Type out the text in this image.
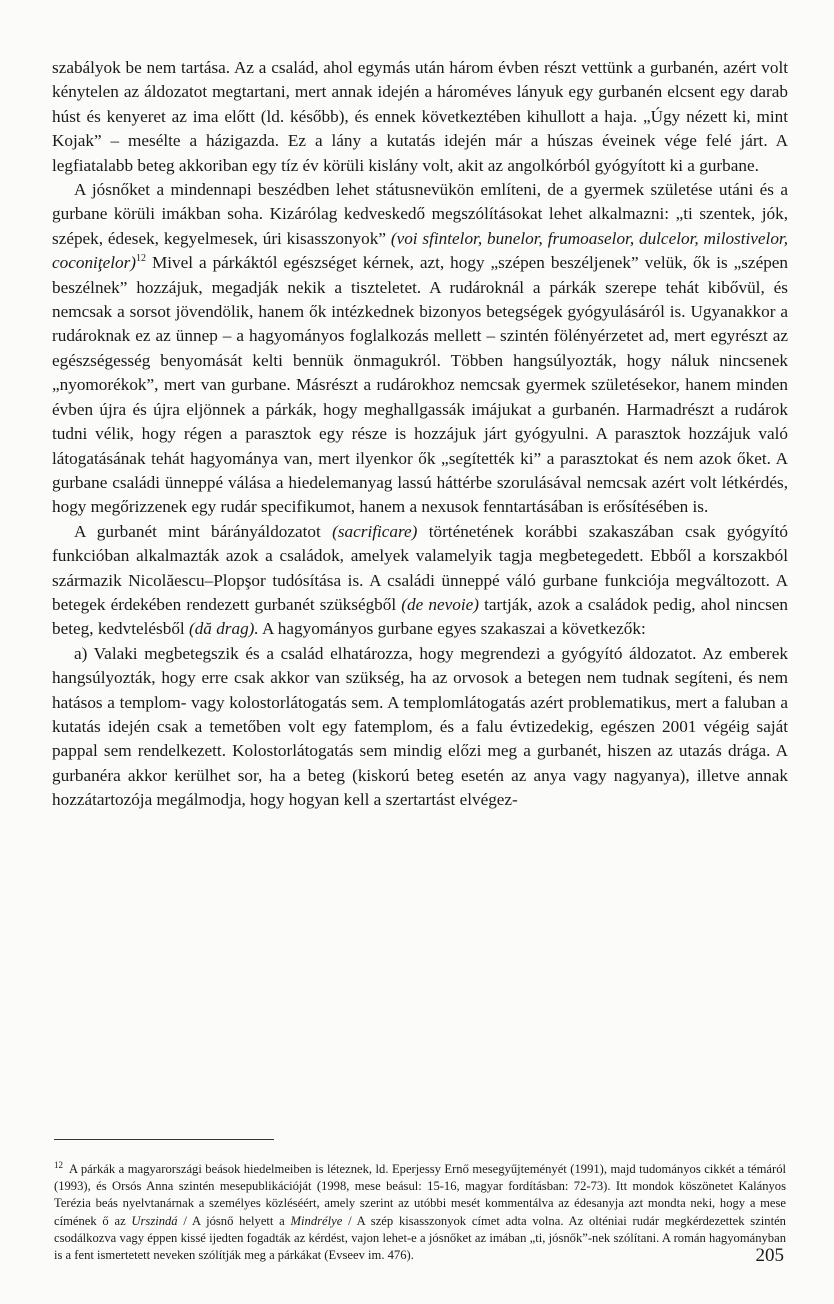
szabályok be nem tartása. Az a család, ahol egymás után három évben részt vettünk a gurbanén, azért volt kénytelen az áldozatot megtartani, mert annak idején a hároméves lányuk egy gurbanén elcsent egy darab húst és kenyeret az ima előtt (ld. később), és ennek következtében kihullott a haja. „Úgy nézett ki, mint Kojak” – mesélte a házigazda. Ez a lány a kutatás idején már a húszas éveinek vége felé járt. A legfiatalabb beteg akkoriban egy tíz év körüli kislány volt, akit az angolkórból gyógyított ki a gurbane.

A jósnőket a mindennapi beszédben lehet státusnevükön említeni, de a gyermek születése utáni és a gurbane körüli imákban soha. Kizárólag kedveskedő megszólításokat lehet alkalmazni: „ti szentek, jók, szépek, édesek, kegyelmesek, úri kisasszonyok” (voi sfintelor, bunelor, frumoaselor, dulcelor, milostivelor, coconiţelor)$^{12}$ Mivel a párkáktól egészséget kérnek, azt, hogy „szépen beszéljenek” velük, ők is „szépen beszélnek” hozzájuk, megadják nekik a tiszteletet. A rudároknál a párkák szerepe tehát kibővül, és nemcsak a sorsot jövendölik, hanem ők intézkednek bizonyos betegségek gyógyulásáról is. Ugyanakkor a rudároknak ez az ünnep – a hagyományos foglalkozás mellett – szintén fölényérzetet ad, mert egyrészt az egészségesség benyomását kelti bennük önmagukról. Többen hangsúlyozták, hogy náluk nincsenek „nyomorékok”, mert van gurbane. Másrészt a rudárokhoz nemcsak gyermek születésekor, hanem minden évben újra és újra eljönnek a párkák, hogy meghallgassák imájukat a gurbanén. Harmadrészt a rudárok tudni vélik, hogy régen a parasztok egy része is hozzájuk járt gyógyulni. A parasztok hozzájuk való látogatásának tehát hagyománya van, mert ilyenkor ők „segítették ki” a parasztokat és nem azok őket. A gurbane családi ünneppé válása a hiedelemanyag lassú háttérbe szorulásával nemcsak azért volt létkérdés, hogy megőrizzenek egy rudár specifikumot, hanem a nexusok fenntartásában is erősítésében is.

A gurbanét mint bárányáldozatot (sacrificare) történetének korábbi szakaszában csak gyógyító funkcióban alkalmazták azok a családok, amelyek valamelyik tagja megbetegedett. Ebből a korszakból származik Nicolăescu–Plopşor tudósítása is. A családi ünneppé váló gurbane funkciója megváltozott. A betegek érdekében rendezett gurbanét szükségből (de nevoie) tartják, azok a családok pedig, ahol nincsen beteg, kedvtelésből (dă drag). A hagyományos gurbane egyes szakaszai a következők:

a) Valaki megbetegszik és a család elhatározza, hogy megrendezi a gyógyító áldozatot. Az emberek hangsúlyozták, hogy erre csak akkor van szükség, ha az orvosok a betegen nem tudnak segíteni, és nem hatásos a templom- vagy kolostorlátogatás sem. A templomlátogatás azért problematikus, mert a faluban a kutatás idején csak a temetőben volt egy fatemplom, és a falu évtizedekig, egészen 2001 végéig saját pappal sem rendelkezett. Kolostorlátogatás sem mindig előzi meg a gurbanét, hiszen az utazás drága. A gurbanéra akkor kerülhet sor, ha a beteg (kiskorú beteg esetén az anya vagy nagyanya), illetve annak hozzátartozója megálmodja, hogy hogyan kell a szertartást elvégez-

$^{12}$ A párkák a magyarországi beások hiedelmeiben is léteznek, ld. Eperjessy Ernő mesegyűjteményét (1991), majd tudományos cikkét a témáról (1993), és Orsós Anna szintén mesepublikációját (1998, mese beásul: 15-16, magyar fordításban: 72-73). Itt mondok köszönetet Kalányos Terézia beás nyelvtanárnak a személyes közléséért, amely szerint az utóbbi mesét kommentálva az édesanyja azt mondta neki, hogy a mese címének ő az Urszindá / A jósnő helyett a Mindrélye / A szép kisasszonyok címet adta volna. Az olténiai rudár megkérdezettek szintén csodálkozva vagy éppen kissé ijedten fogadták az kérdést, vajon lehet-e a jósnőket az imában „ti, jósnők”-nek szólítani. A román hagyományban is a fent ismertetett neveken szólítják meg a párkákat (Evseev im. 476).	205
